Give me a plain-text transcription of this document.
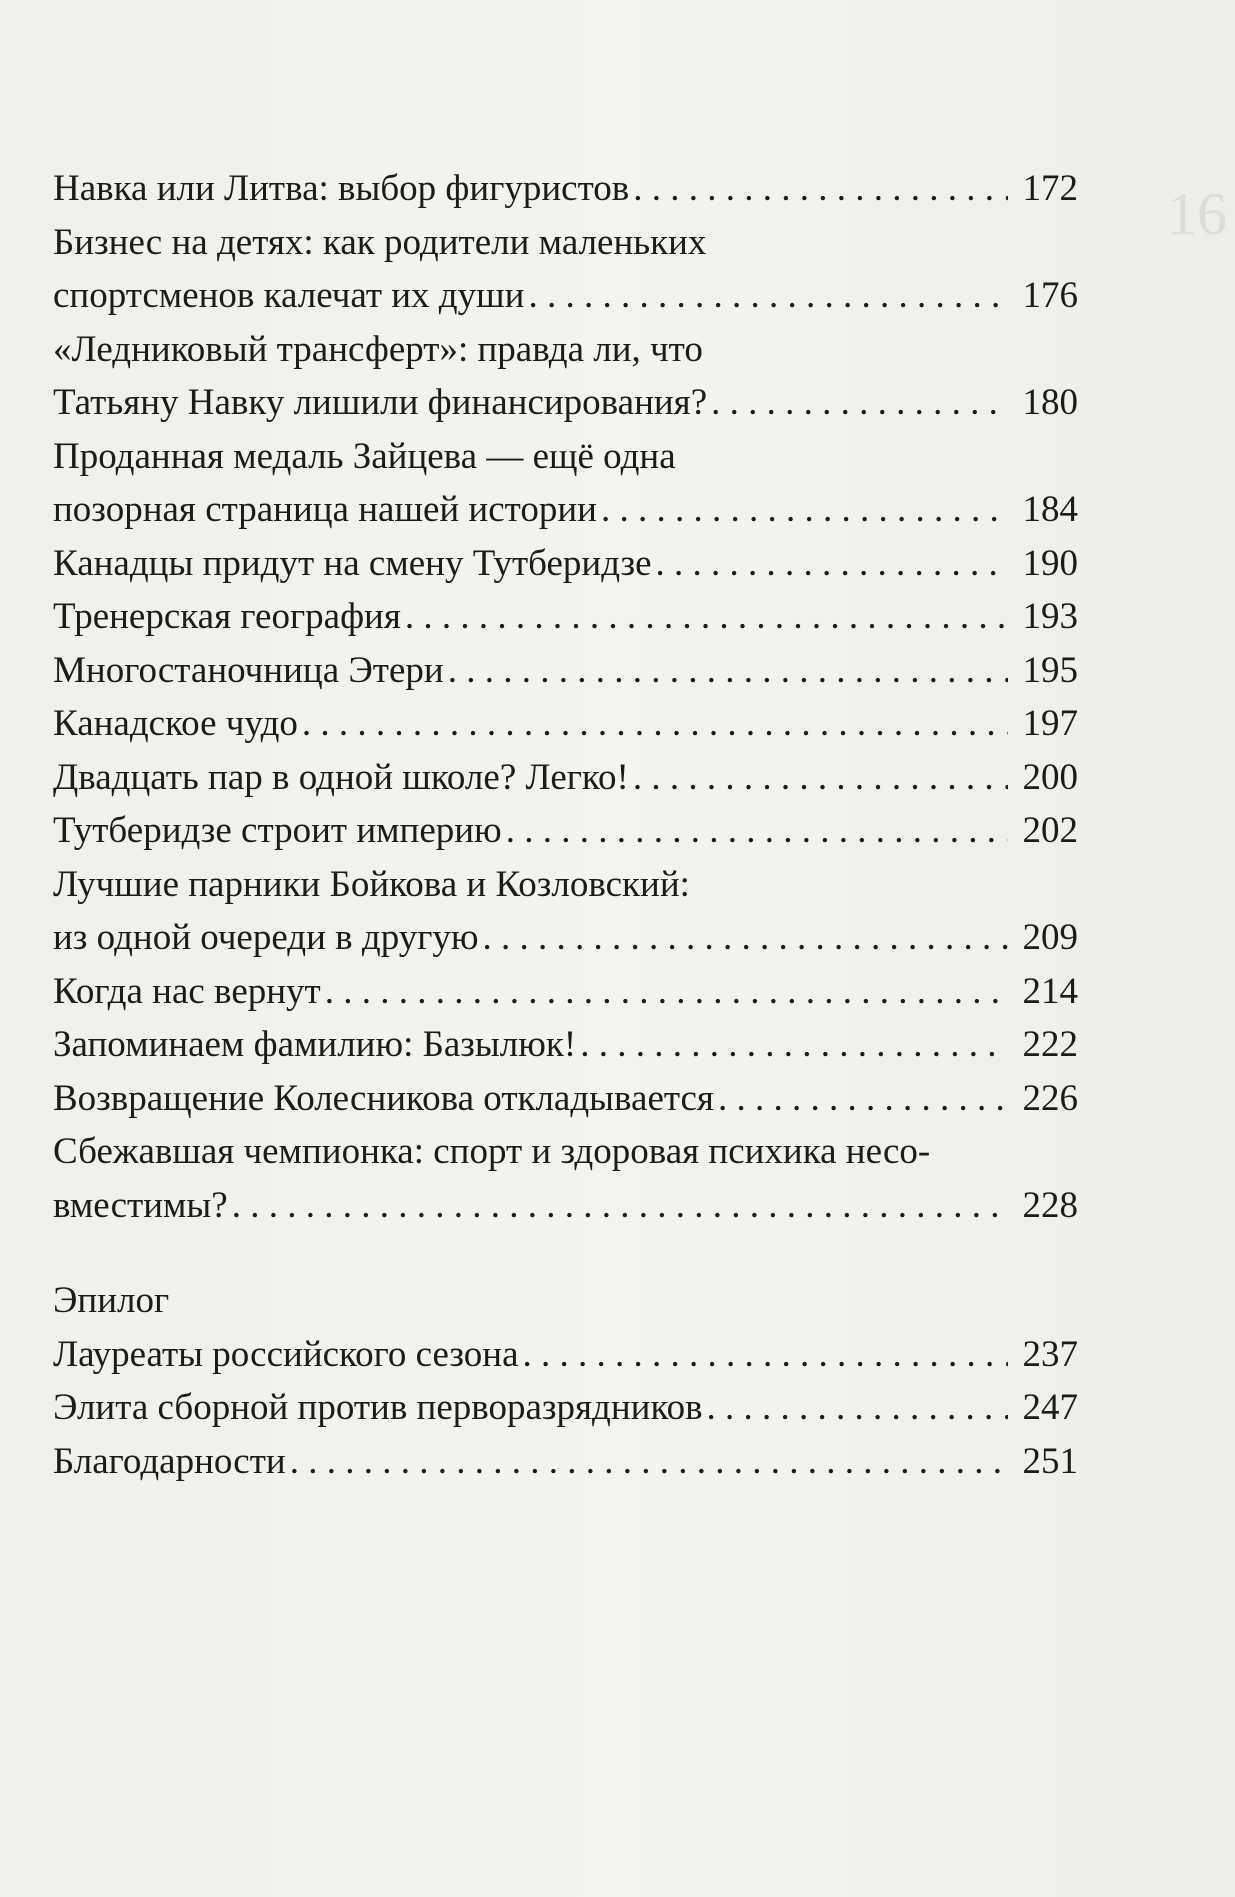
16
Навка или Литва: выбор фигуристов . . .	172
Бизнес на детях: как родители маленьких
спортсменов калечат их души . . .	176
«Ледниковый трансферт»: правда ли, что
Татьяну Навку лишили финансирования? . . .	180
Проданная медаль Зайцева — ещё одна
позорная страница нашей истории . . .	184
Канадцы придут на смену Тутберидзе . . .	190
Тренерская география . . .	193
Многостаночница Этери . . .	195
Канадское чудо . . .	197
Двадцать пар в одной школе? Легко! . . .	200
Тутберидзе строит империю . . .	202
Лучшие парники Бойкова и Козловский:
из одной очереди в другую . . .	209
Когда нас вернут . . .	214
Запоминаем фамилию: Базылюк! . . .	222
Возвращение Колесникова откладывается . . .	226
Сбежавшая чемпионка: спорт и здоровая психика несо-
вместимы? . . .	228
Эпилог
Лауреаты российского сезона . . .	237
Элита сборной против перворазрядников . . .	247
Благодарности . . .	251
